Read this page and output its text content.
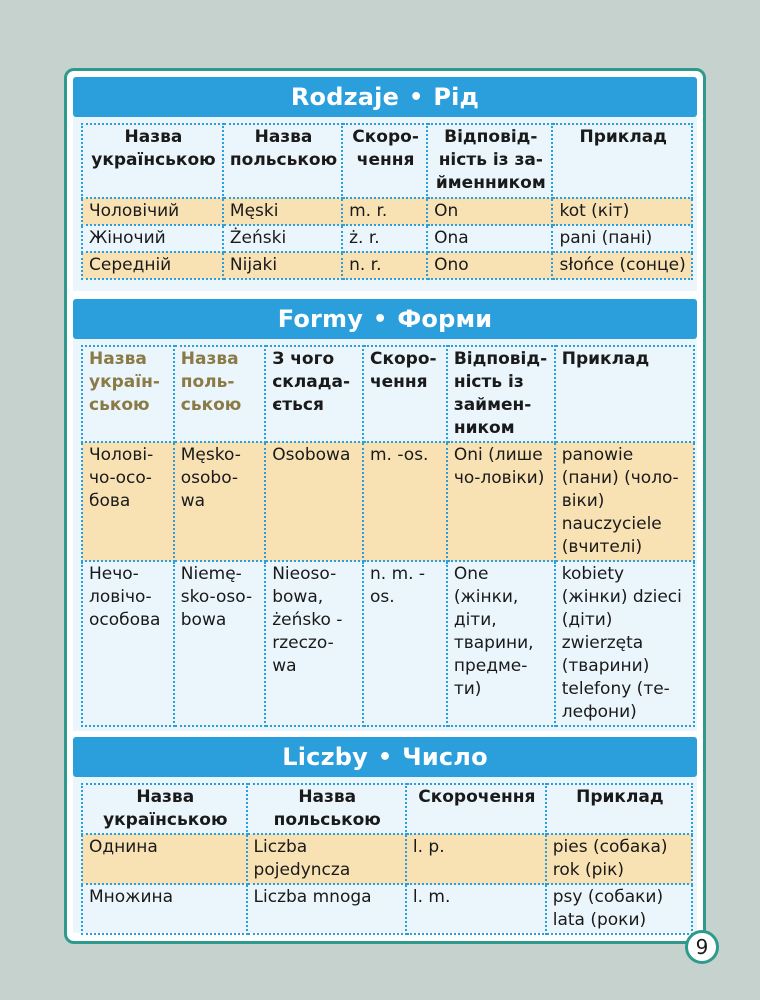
Rodzaje • Рід
Назва українською	Назва польською	Скоро-чення	Відповід-ність із за-йменником	Приклад
Чоловічий	Męski	m. r.	On	kot (кіт)
Жіночий	Żeński	ż. r.	Ona	pani (пані)
Середній	Nijaki	n. r.	Ono	słońce (сонце)
Formy • Форми
Назва україн-ською	Назва поль-ською	З чого склада-ється	Скоро-чення	Відповід-ність із займен-ником	Приклад
Чолові-чо-осо-бова	Męsko-osobo-wa	Osobowa	m. -os.	Oni (лише чо-ловіки)	panowie (пани) (чоло-віки) nauczyciele (вчителі)
Нечо-ловічо-особова	Niemę-sko-oso-bowa	Nieoso-bowa, żeńsko -rzeczo-wa	n. m. -os.	One (жінки, діти, тварини, предме-ти)	kobiety (жінки) dzieci (діти) zwierzęta (тварини) telefony (те-лефони)
Liczby • Число
Назва українською	Назва польською	Скорочення	Приклад
Однина	Liczba pojedyncza	l. p.	pies (собака) rok (рік)
Множина	Liczba mnoga	l. m.	psy (собаки) lata (роки)
9
